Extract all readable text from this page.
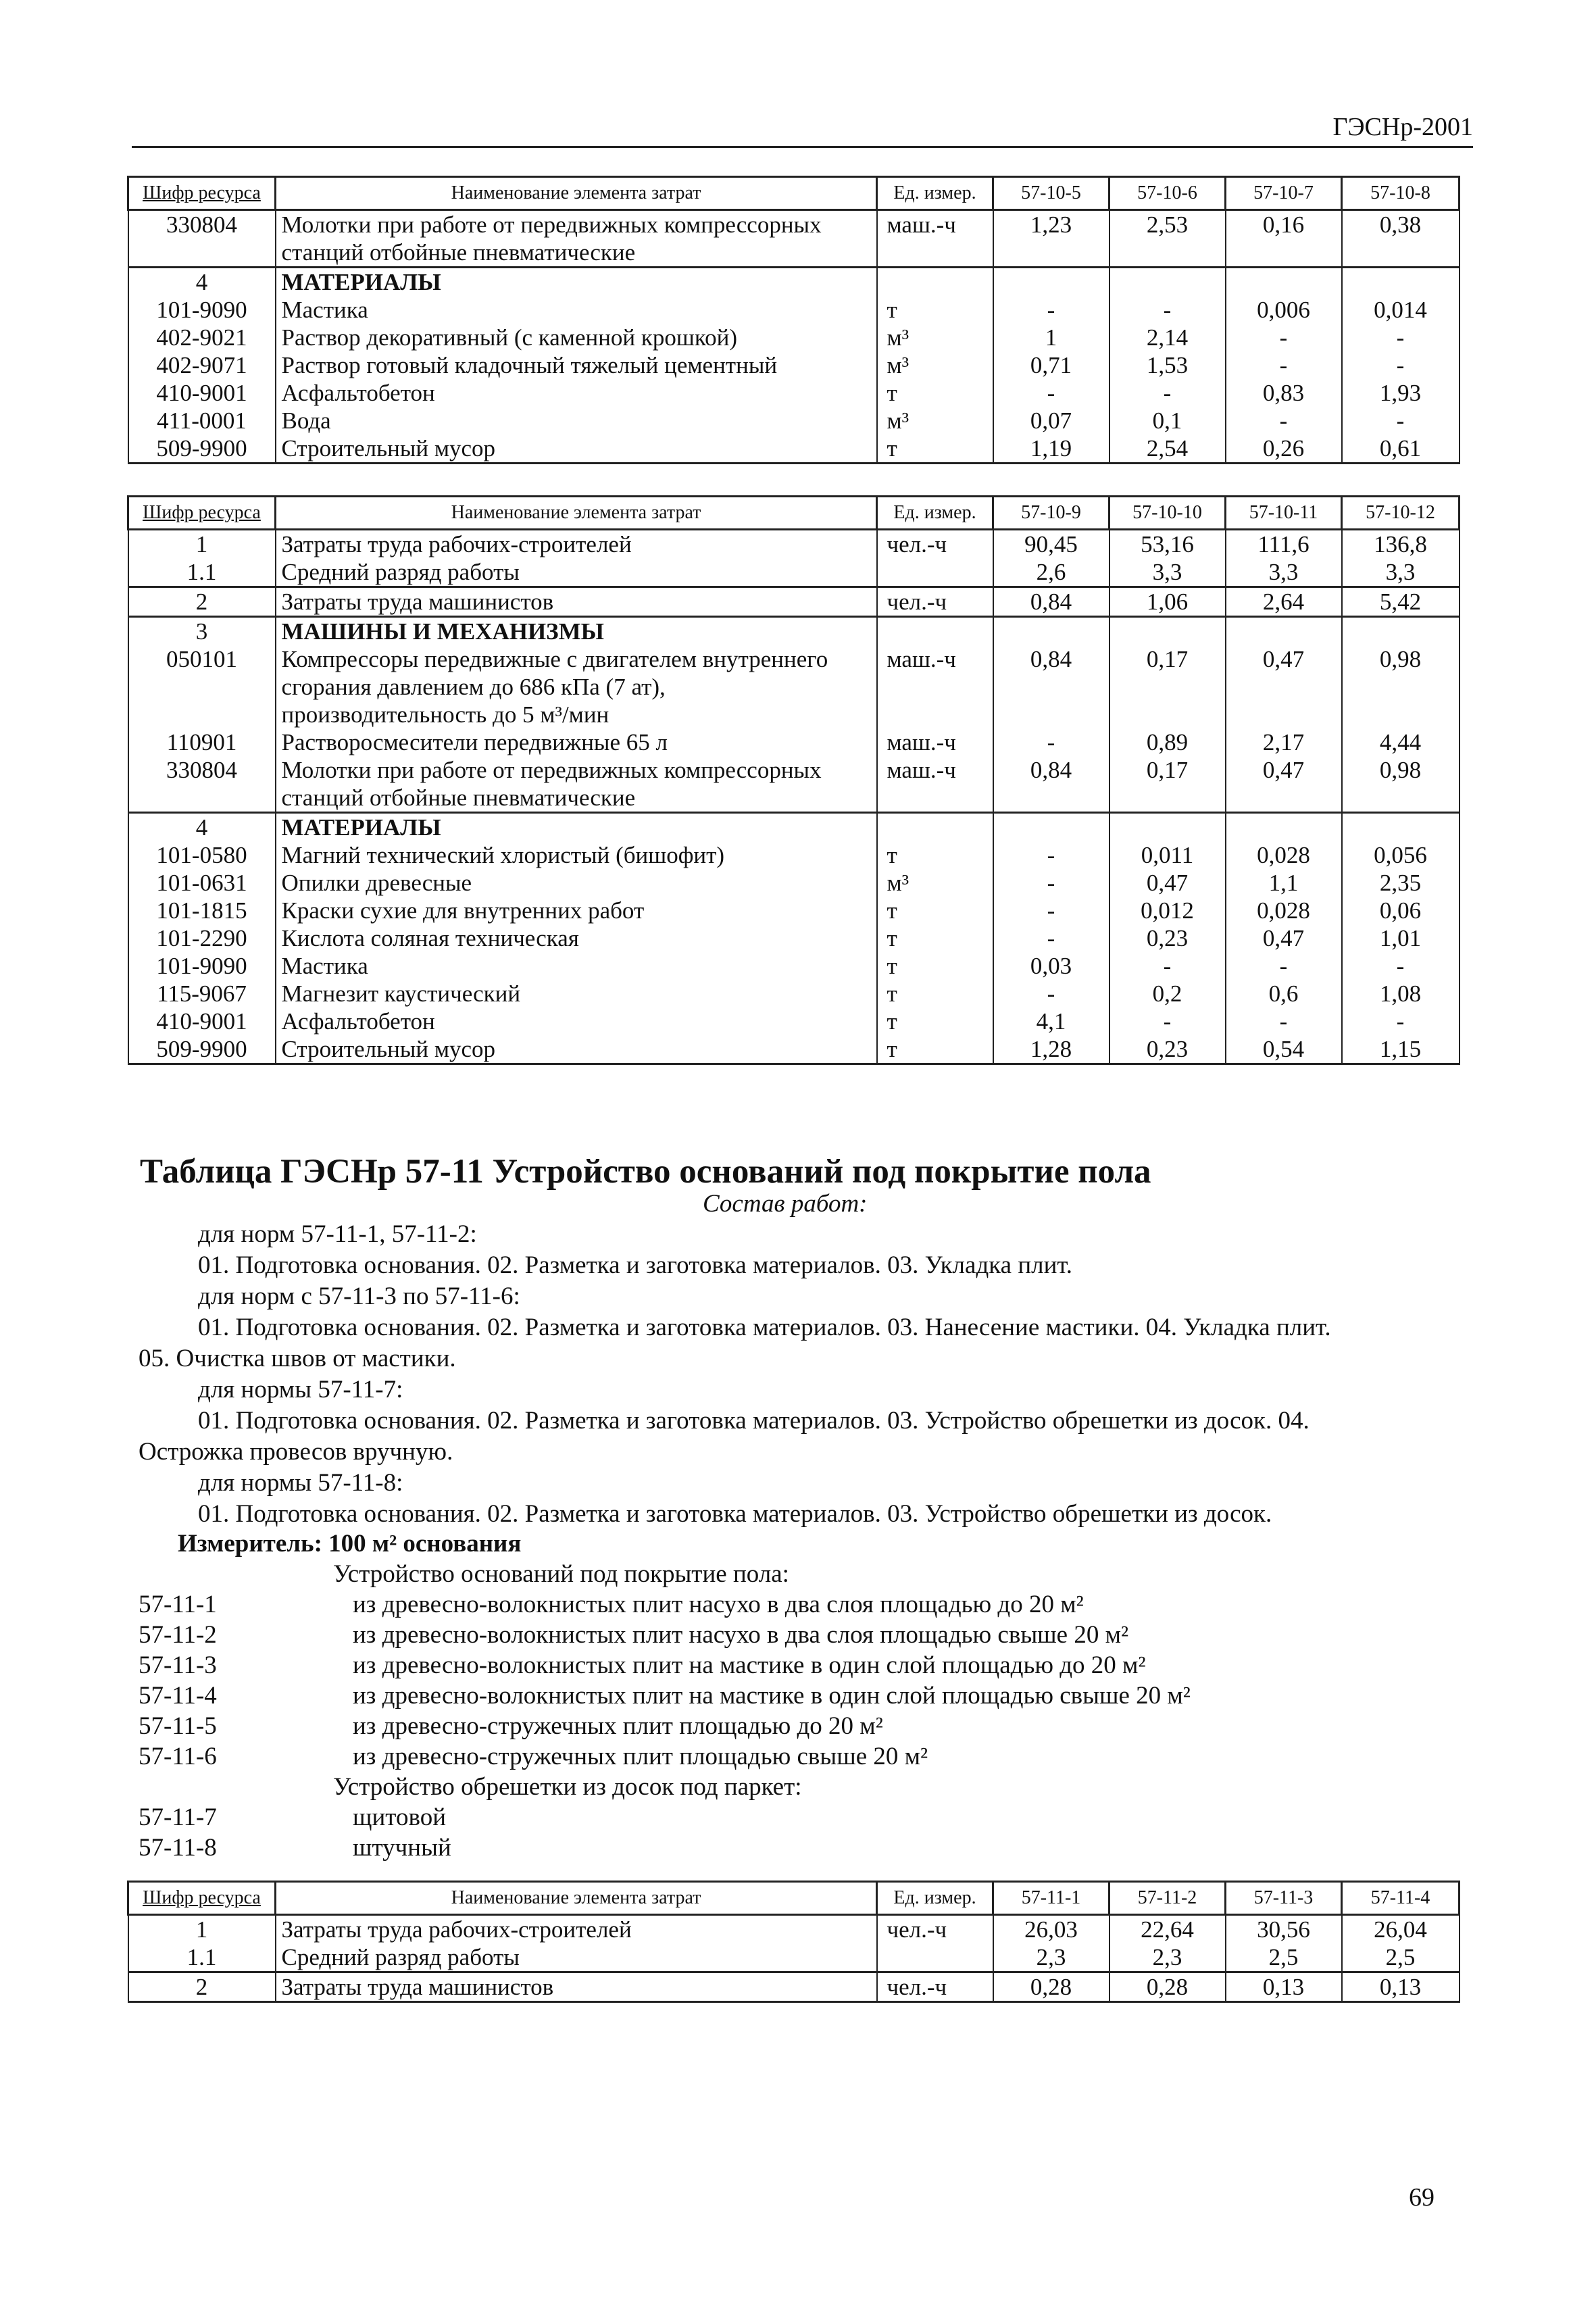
ГЭСНр-2001
Шифр ресурса	Наименование элемента затрат	Ед. измер.	57-10-5	57-10-6	57-10-7	57-10-8
330804	Молотки при работе от передвижных компрессорных станций отбойные пневматические	маш.-ч	1,23	2,53	0,16	0,38
4	МАТЕРИАЛЫ					
101-9090	Мастика	т	-	-	0,006	0,014
402-9021	Раствор декоративный (с каменной крошкой)	м³	1	2,14	-	-
402-9071	Раствор готовый кладочный тяжелый цементный	м³	0,71	1,53	-	-
410-9001	Асфальтобетон	т	-	-	0,83	1,93
411-0001	Вода	м³	0,07	0,1	-	-
509-9900	Строительный мусор	т	1,19	2,54	0,26	0,61
Шифр ресурса	Наименование элемента затрат	Ед. измер.	57-10-9	57-10-10	57-10-11	57-10-12
1	Затраты труда рабочих-строителей	чел.-ч	90,45	53,16	111,6	136,8
1.1	Средний разряд работы		2,6	3,3	3,3	3,3
2	Затраты труда машинистов	чел.-ч	0,84	1,06	2,64	5,42
3	МАШИНЫ И МЕХАНИЗМЫ					
050101	Компрессоры передвижные с двигателем внутреннего сгорания давлением до 686 кПа (7 ат), производительность до 5 м³/мин	маш.-ч	0,84	0,17	0,47	0,98
110901	Растворосмесители передвижные 65 л	маш.-ч	-	0,89	2,17	4,44
330804	Молотки при работе от передвижных компрессорных станций отбойные пневматические	маш.-ч	0,84	0,17	0,47	0,98
4	МАТЕРИАЛЫ					
101-0580	Магний технический хлористый (бишофит)	т	-	0,011	0,028	0,056
101-0631	Опилки древесные	м³	-	0,47	1,1	2,35
101-1815	Краски сухие для внутренних работ	т	-	0,012	0,028	0,06
101-2290	Кислота соляная техническая	т	-	0,23	0,47	1,01
101-9090	Мастика	т	0,03	-	-	-
115-9067	Магнезит каустический	т	-	0,2	0,6	1,08
410-9001	Асфальтобетон	т	4,1	-	-	-
509-9900	Строительный мусор	т	1,28	0,23	0,54	1,15
Таблица ГЭСНр 57-11 Устройство оснований под покрытие пола
Состав работ:
для норм 57-11-1, 57-11-2:
01. Подготовка основания. 02. Разметка и заготовка материалов. 03. Укладка плит.
для норм с 57-11-3 по 57-11-6:
01. Подготовка основания. 02. Разметка и заготовка материалов. 03. Нанесение мастики. 04. Укладка плит.
05. Очистка швов от мастики.
для нормы 57-11-7:
01. Подготовка основания. 02. Разметка и заготовка материалов. 03. Устройство обрешетки из досок. 04.
Острожка провесов вручную.
для нормы 57-11-8:
01. Подготовка основания. 02. Разметка и заготовка материалов. 03. Устройство обрешетки из досок.
Измеритель: 100 м² основания
Устройство оснований под покрытие пола:
57-11-1	из древесно-волокнистых плит насухо в два слоя площадью до 20 м²
57-11-2	из древесно-волокнистых плит насухо в два слоя площадью свыше 20 м²
57-11-3	из древесно-волокнистых плит на мастике в один слой площадью до 20 м²
57-11-4	из древесно-волокнистых плит на мастике в один слой площадью свыше 20 м²
57-11-5	из древесно-стружечных плит площадью до 20 м²
57-11-6	из древесно-стружечных плит площадью свыше 20 м²
Устройство обрешетки из досок под паркет:
57-11-7	щитовой
57-11-8	штучный
Шифр ресурса	Наименование элемента затрат	Ед. измер.	57-11-1	57-11-2	57-11-3	57-11-4
1	Затраты труда рабочих-строителей	чел.-ч	26,03	22,64	30,56	26,04
1.1	Средний разряд работы		2,3	2,3	2,5	2,5
2	Затраты труда машинистов	чел.-ч	0,28	0,28	0,13	0,13
69
